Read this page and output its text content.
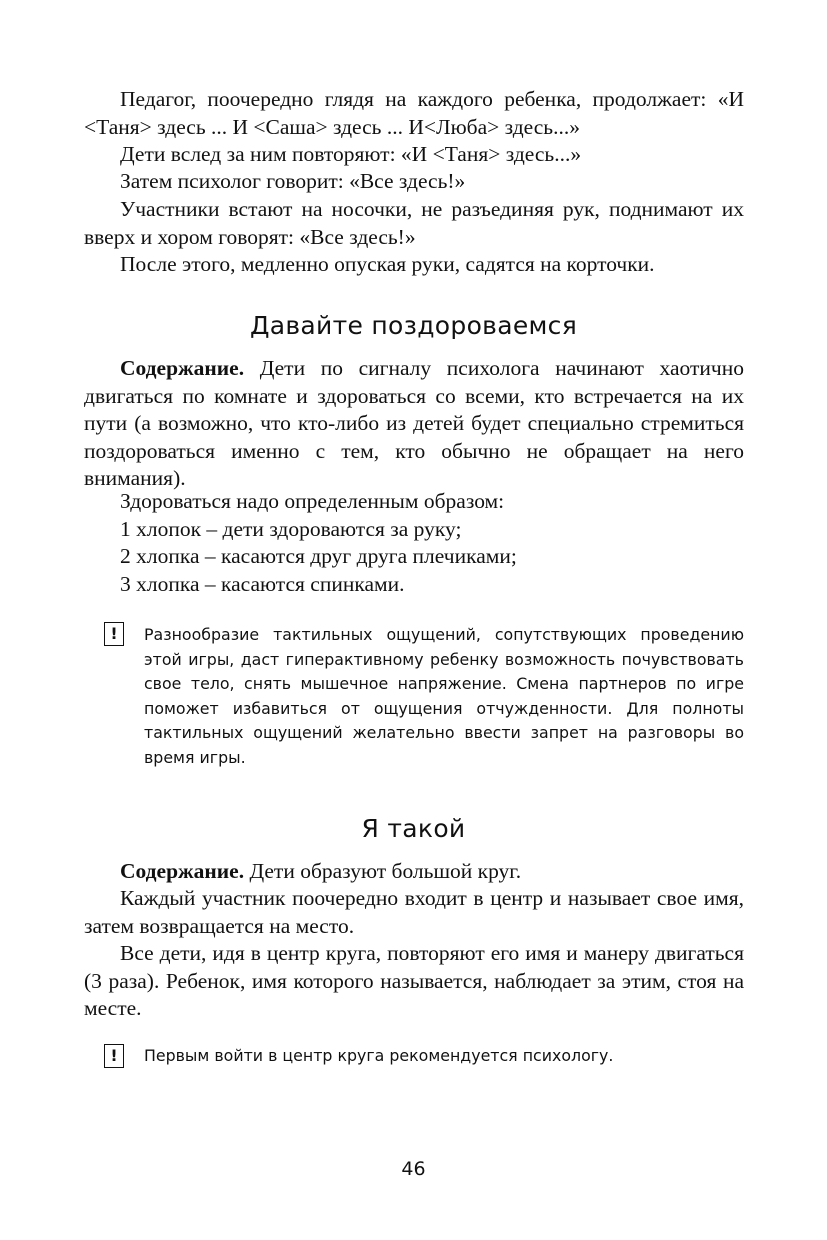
Педагог, поочередно глядя на каждого ребенка, продолжает: «И <Таня> здесь ... И <Саша> здесь ... И<Люба> здесь...»

Дети вслед за ним повторяют: «И <Таня> здесь...»

Затем психолог говорит: «Все здесь!»

Участники встают на носочки, не разъединяя рук, поднимают их вверх и хором говорят: «Все здесь!»

После этого, медленно опуская руки, садятся на корточки.

Давайте поздороваемся

Содержание. Дети по сигналу психолога начинают хаотично двигаться по комнате и здороваться со всеми, кто встречается на их пути (а возможно, что кто-либо из детей будет специально стремиться поздороваться именно с тем, кто обычно не обращает на него внимания).

Здороваться надо определенным образом:

1 хлопок – дети здороваются за руку;

2 хлопка – касаются друг друга плечиками;

3 хлопка – касаются спинками.

!	Разнообразие тактильных ощущений, сопутствующих проведению этой игры, даст гиперактивному ребенку возможность почувствовать свое тело, снять мышечное напряжение. Смена партнеров по игре поможет избавиться от ощущения отчужденности. Для полноты тактильных ощущений желательно ввести запрет на разговоры во время игры.

Я такой

Содержание. Дети образуют большой круг.

Каждый участник поочередно входит в центр и называет свое имя, затем возвращается на место.

Все дети, идя в центр круга, повторяют его имя и манеру двигаться (3 раза). Ребенок, имя которого называется, наблюдает за этим, стоя на месте.

!	Первым войти в центр круга рекомендуется психологу.

46
